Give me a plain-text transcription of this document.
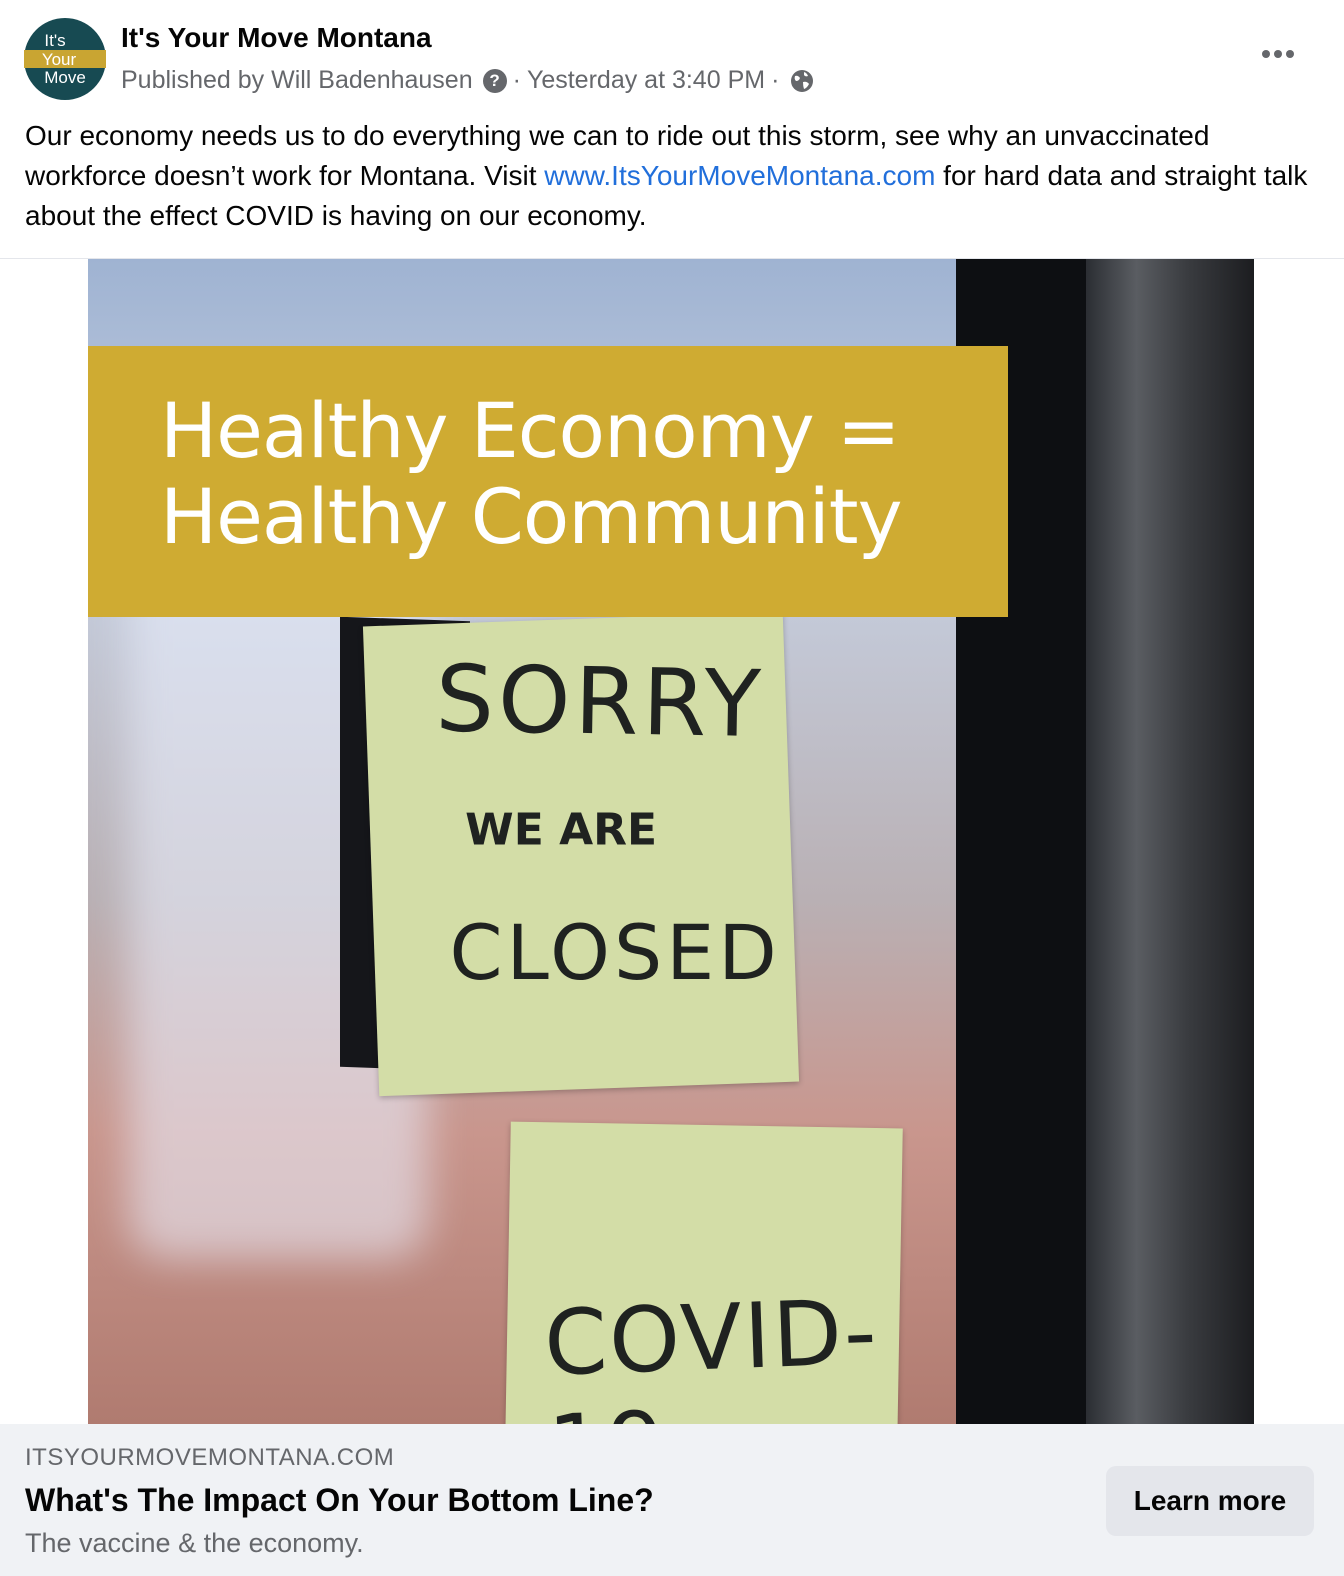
It's
Your
Move
It's Your Move Montana
Published by Will Badenhausen ? · Yesterday at 3:40 PM ·
Our economy needs us to do everything we can to ride out this storm, see why an unvaccinated workforce doesn’t work for Montana. Visit www.ItsYourMoveMontana.com for hard data and straight talk about the effect COVID is having on our economy.
SORRY
WE ARE
CLOSED
COVID-19
Healthy Economy =
Healthy Community
ITSYOURMOVEMONTANA.COM
What's The Impact On Your Bottom Line?
The vaccine & the economy.
Learn more
